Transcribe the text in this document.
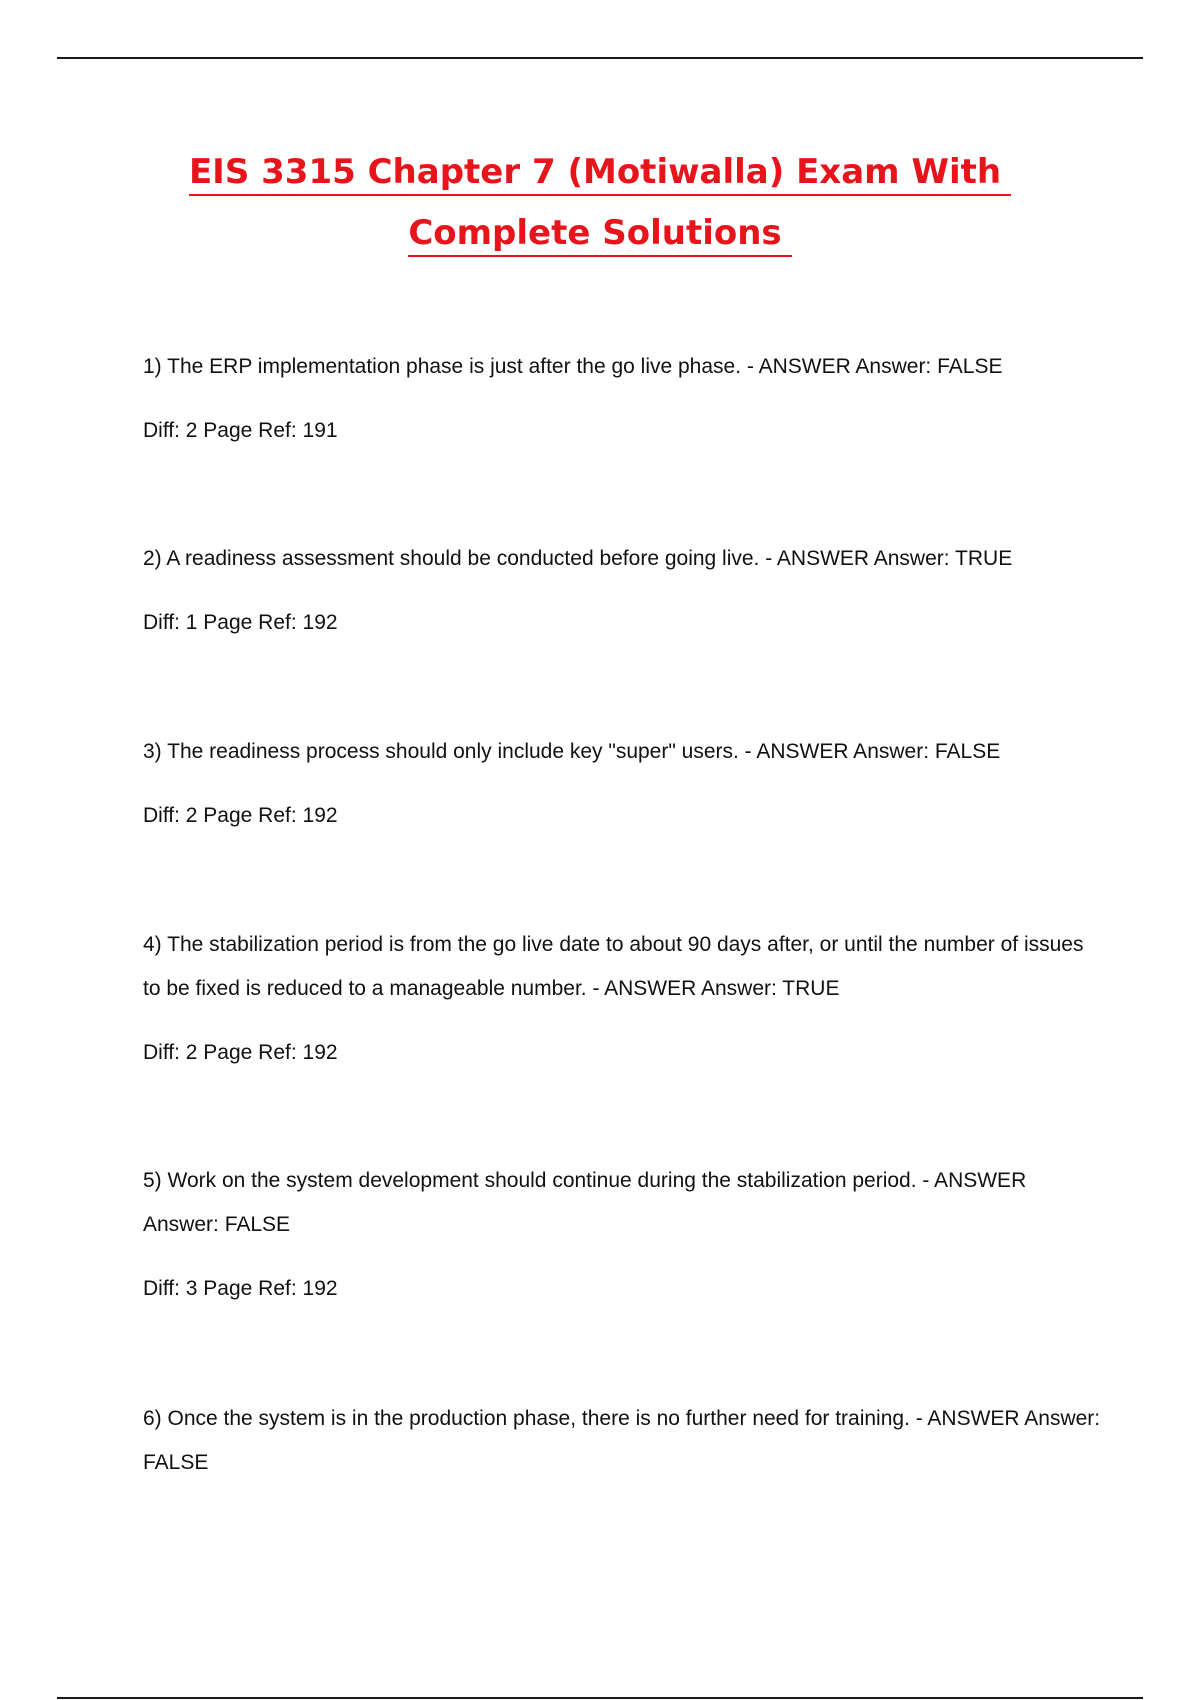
EIS 3315 Chapter 7 (Motiwalla) Exam With
Complete Solutions

1) The ERP implementation phase is just after the go live phase. - ANSWER Answer: FALSE

Diff: 2 Page Ref: 191

2) A readiness assessment should be conducted before going live. - ANSWER Answer: TRUE

Diff: 1 Page Ref: 192

3) The readiness process should only include key "super" users. - ANSWER Answer: FALSE

Diff: 2 Page Ref: 192

4) The stabilization period is from the go live date to about 90 days after, or until the number of issues to be fixed is reduced to a manageable number. - ANSWER Answer: TRUE

Diff: 2 Page Ref: 192

5) Work on the system development should continue during the stabilization period. - ANSWER Answer: FALSE

Diff: 3 Page Ref: 192

6) Once the system is in the production phase, there is no further need for training. - ANSWER Answer: FALSE
